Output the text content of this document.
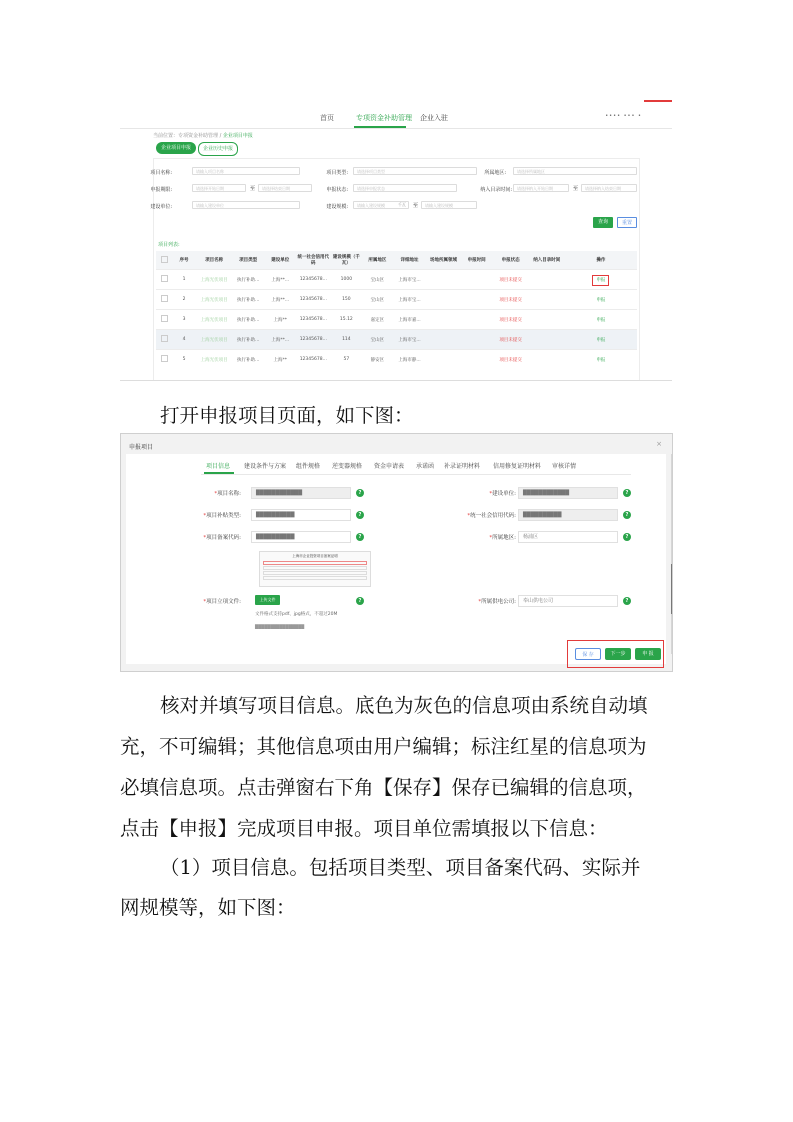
首页	专项资金补助管理 企业入驻	•••• ••• •
当前位置：专项资金补助管理 / 企业项目申报
企业项目申报	企业历史申报
项目名称:	请输入项目名称	项目类型:	请选择项目类型	所属地区:	请选择所属地区
申报期限:	请选择开始日期	至	请选择结束日期	申报状态:	请选择申报状态	纳入目录时间:	请选择纳入开始日期	至	请选择纳入结束日期
建设单位:	请输入建设单位	建设规模:	请输入建设规模	千瓦 至	请输入建设规模
查询	重置
项目列表:
	序号	项目名称	项目类型	建设单位	统一社会信用代码	建设规模（千瓦）	所属地区	详细地址	场地所属领域	申报时间	申报状态	纳入目录时间	操作
	1	上海光伏项目	执行补助...	上海**...	12345678...	1000	宝山区	上海市宝...			项目未提交		申报
	2	上海光伏项目	执行补助...	上海**...	12345678...	150	宝山区	上海市宝...			项目未提交		申报
	3	上海光伏项目	执行补助...	上海**	12345678...	15.12	嘉定区	上海市嘉...			项目未提交		申报
	4	上海光伏项目	执行补助...	上海**...	12345678...	114	宝山区	上海市宝...			项目未提交		申报
	5	上海光伏项目	执行补助...	上海**	12345678...	57	静安区	上海市静...			项目未提交		申报
打开申报项目页面，如下图：
申报项目	×
项目信息 建设条件与方案 组件规格 逆变器规格 资金申请表 承诺函 补录证明材料 信用修复证明材料 审核详情
*项目名称:	████████████	?
*项目补贴类型:	██████████	?
*项目备案代码:	██████████	?
上海市企业投资项目备案证明
*项目立项文件:	上传文件	?
文件格式支持pdf、jpg格式，不超过20M
████████████████
*建设单位:	████████████	?
*统一社会信用代码:	██████████	?
*所属地区:	杨浦区	?
*所属供电公司:	奉山供电公司	?
保 存	下一步	申 报
核对并填写项目信息。底色为灰色的信息项由系统自动填
充，不可编辑；其他信息项由用户编辑；标注红星的信息项为
必填信息项。点击弹窗右下角【保存】保存已编辑的信息项，
点击【申报】完成项目申报。项目单位需填报以下信息：
（1）项目信息。包括项目类型、项目备案代码、实际并
网规模等，如下图：
